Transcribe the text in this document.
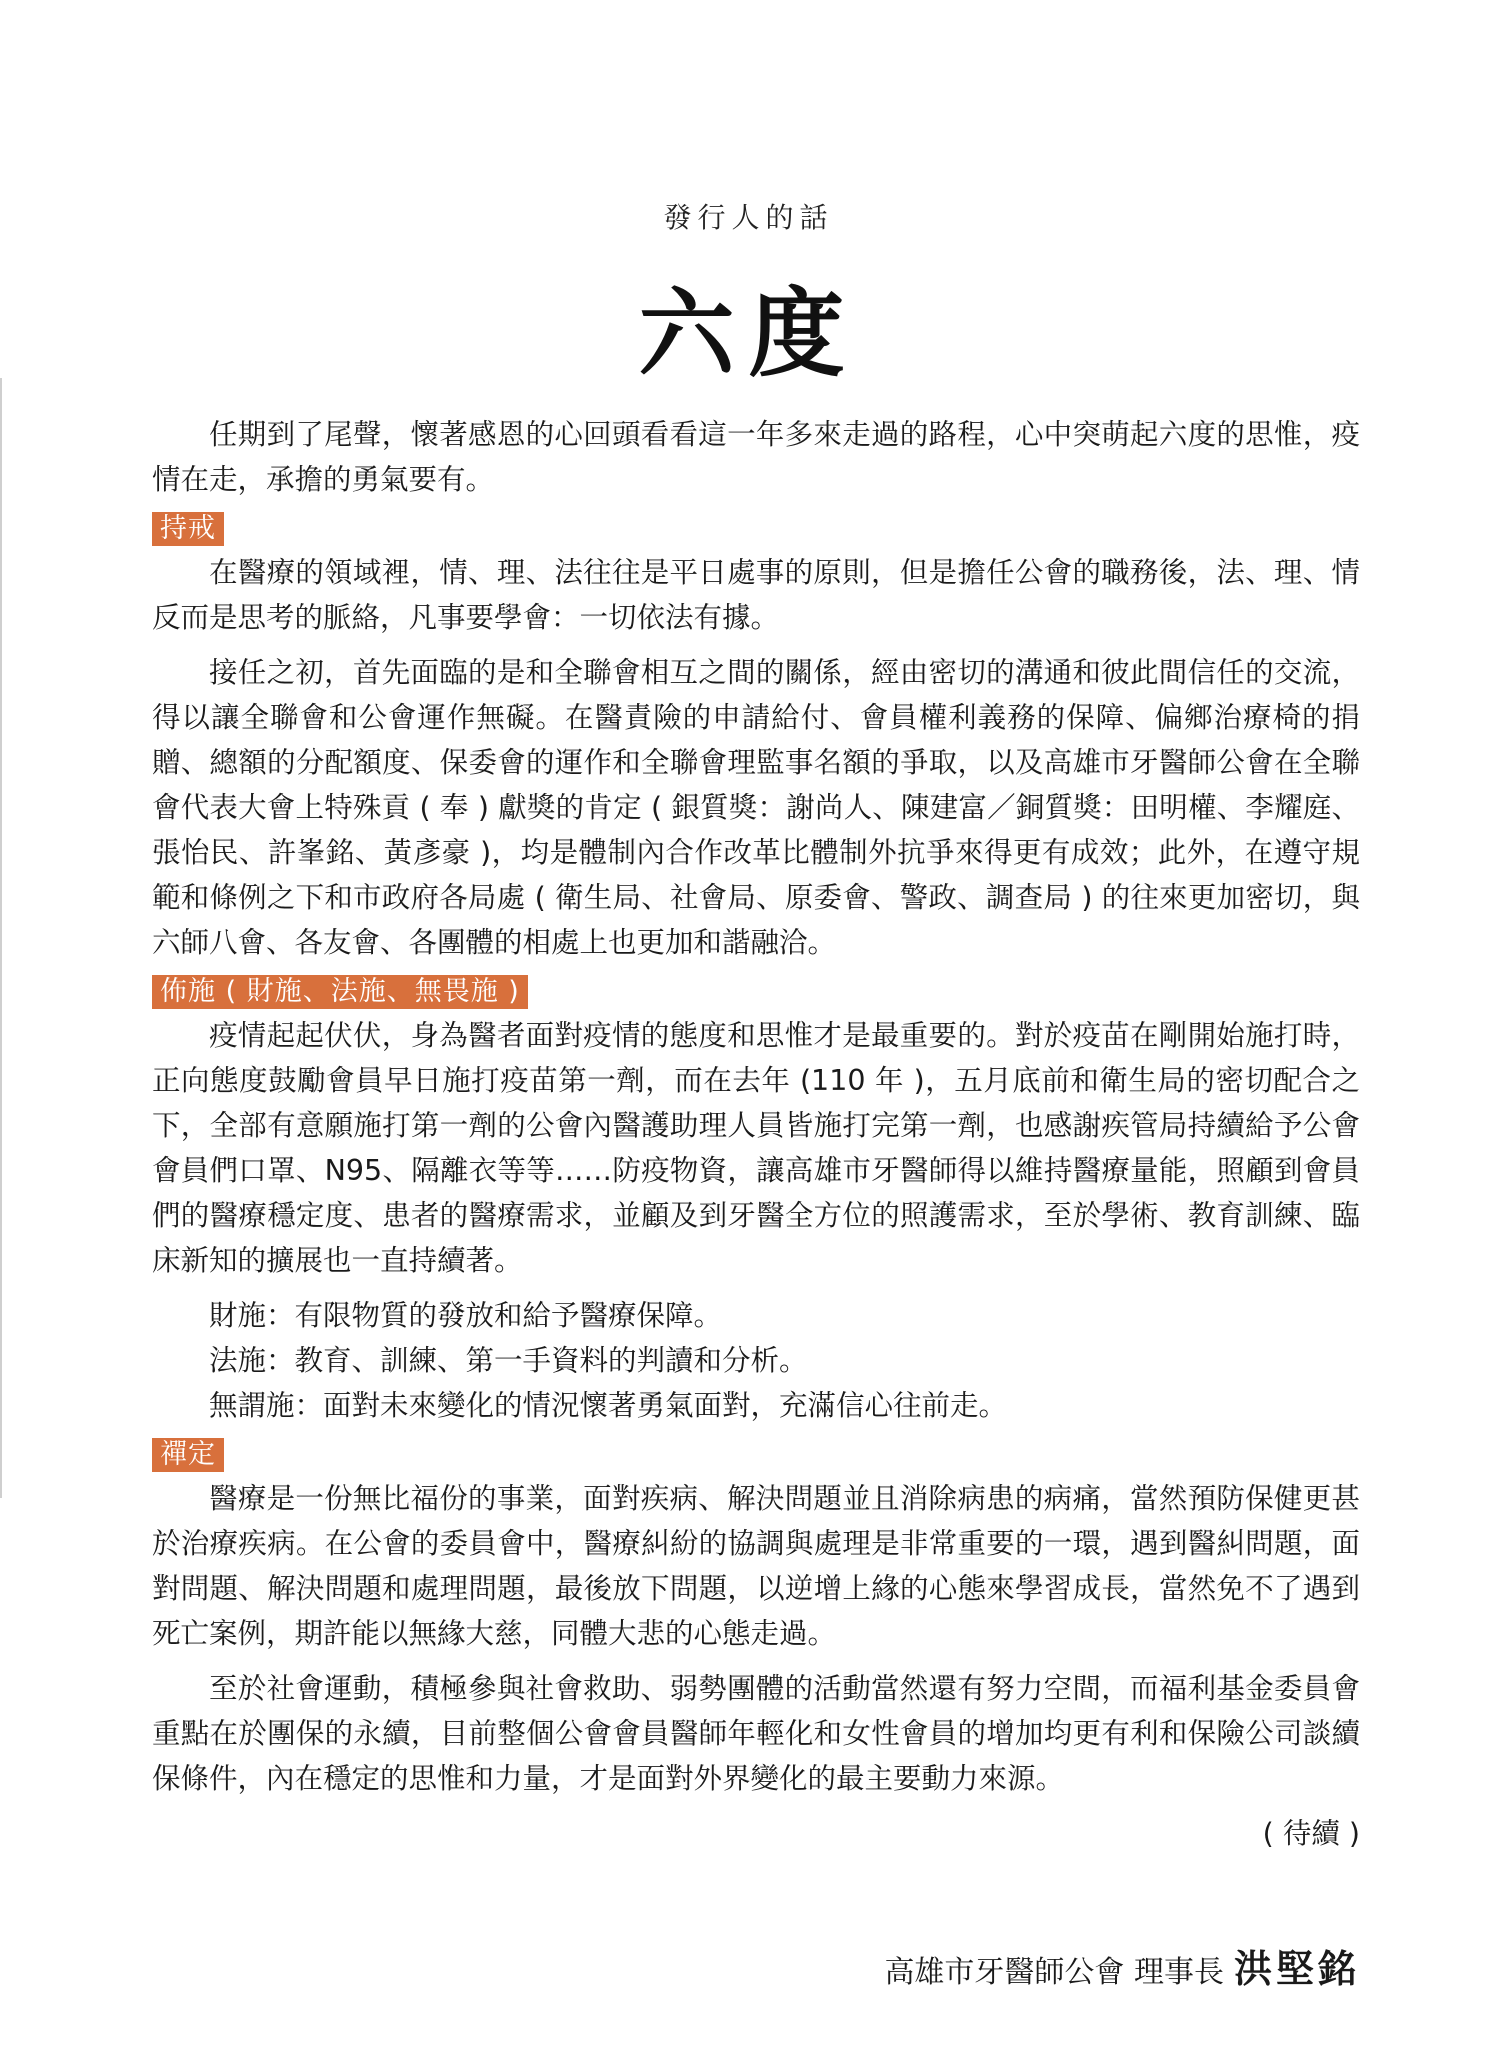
發行人的話
六度

任期到了尾聲，懷著感恩的心回頭看看這一年多來走過的路程，心中突萌起六度的思惟，疫情在走，承擔的勇氣要有。

持戒

在醫療的領域裡，情、理、法往往是平日處事的原則，但是擔任公會的職務後，法、理、情反而是思考的脈絡，凡事要學會：一切依法有據。

接任之初，首先面臨的是和全聯會相互之間的關係，經由密切的溝通和彼此間信任的交流，得以讓全聯會和公會運作無礙。在醫責險的申請給付、會員權利義務的保障、偏鄉治療椅的捐贈、總額的分配額度、保委會的運作和全聯會理監事名額的爭取，以及高雄市牙醫師公會在全聯會代表大會上特殊貢 ( 奉 ) 獻獎的肯定 ( 銀質獎：謝尚人、陳建富／銅質獎：田明權、李耀庭、張怡民、許峯銘、黃彥豪 )，均是體制內合作改革比體制外抗爭來得更有成效；此外，在遵守規範和條例之下和市政府各局處 ( 衛生局、社會局、原委會、警政、調查局 ) 的往來更加密切，與六師八會、各友會、各團體的相處上也更加和諧融洽。

佈施 ( 財施、法施、無畏施 )

疫情起起伏伏，身為醫者面對疫情的態度和思惟才是最重要的。對於疫苗在剛開始施打時，正向態度鼓勵會員早日施打疫苗第一劑，而在去年 (110 年 )，五月底前和衛生局的密切配合之下，全部有意願施打第一劑的公會內醫護助理人員皆施打完第一劑，也感謝疾管局持續給予公會會員們口罩、N95、隔離衣等等……防疫物資，讓高雄市牙醫師得以維持醫療量能，照顧到會員們的醫療穩定度、患者的醫療需求，並顧及到牙醫全方位的照護需求，至於學術、教育訓練、臨床新知的擴展也一直持續著。

財施：有限物質的發放和給予醫療保障。

法施：教育、訓練、第一手資料的判讀和分析。

無謂施：面對未來變化的情況懷著勇氣面對，充滿信心往前走。

禪定

醫療是一份無比福份的事業，面對疾病、解決問題並且消除病患的病痛，當然預防保健更甚於治療疾病。在公會的委員會中，醫療糾紛的協調與處理是非常重要的一環，遇到醫糾問題，面對問題、解決問題和處理問題，最後放下問題，以逆增上緣的心態來學習成長，當然免不了遇到死亡案例，期許能以無緣大慈，同體大悲的心態走過。

至於社會運動，積極參與社會救助、弱勢團體的活動當然還有努力空間，而福利基金委員會重點在於團保的永續，目前整個公會會員醫師年輕化和女性會員的增加均更有利和保險公司談續保條件，內在穩定的思惟和力量，才是面對外界變化的最主要動力來源。

( 待續 )
高雄市牙醫師公會 理事長 洪堅銘
